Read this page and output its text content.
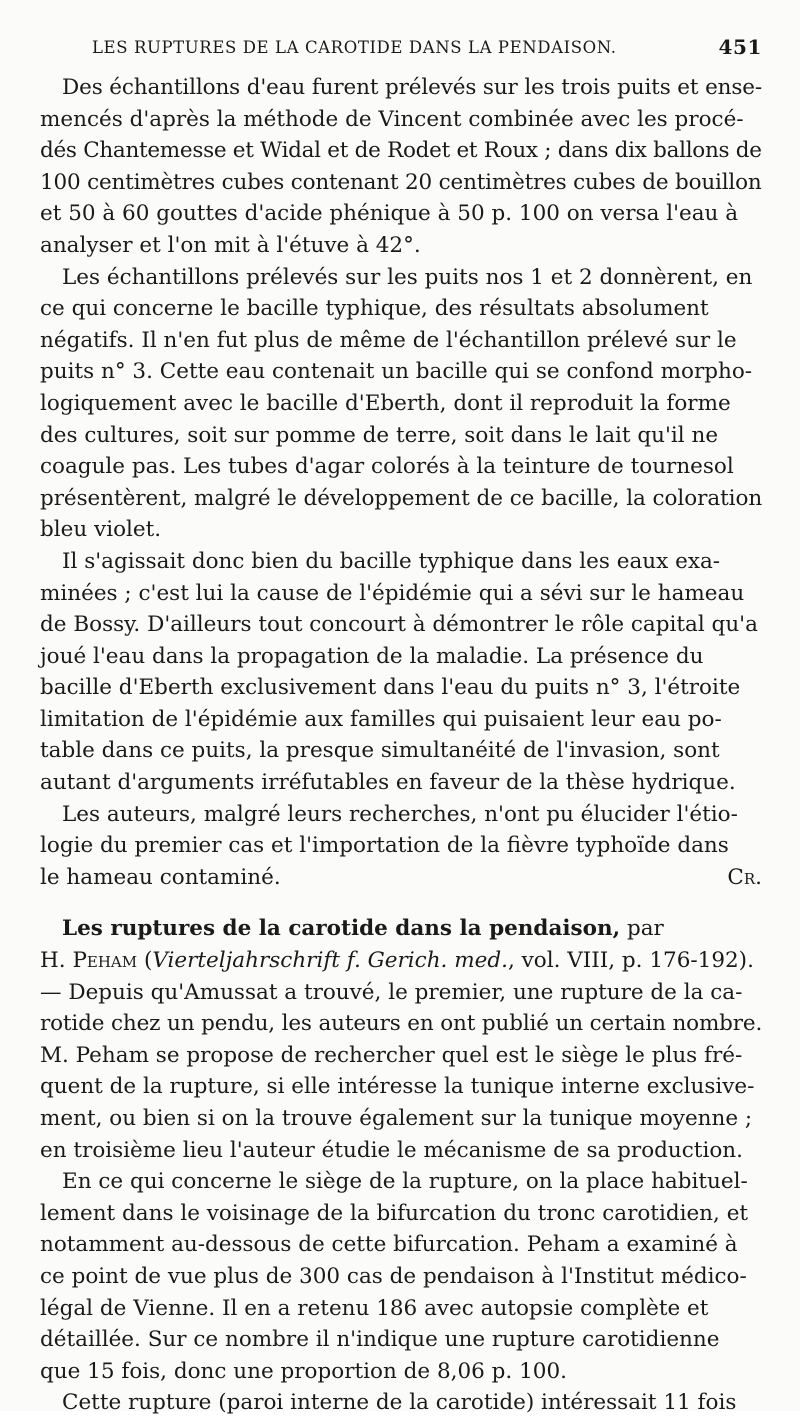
LES RUPTURES DE LA CAROTIDE DANS LA PENDAISON.	451

Des échantillons d'eau furent prélevés sur les trois puits et ense-
mencés d'après la méthode de Vincent combinée avec les procé-
dés Chantemesse et Widal et de Rodet et Roux ; dans dix ballons de
100 centimètres cubes contenant 20 centimètres cubes de bouillon
et 50 à 60 gouttes d'acide phénique à 50 p. 100 on versa l'eau à
analyser et l'on mit à l'étuve à 42°.

Les échantillons prélevés sur les puits nos 1 et 2 donnèrent, en
ce qui concerne le bacille typhique, des résultats absolument
négatifs. Il n'en fut plus de même de l'échantillon prélevé sur le
puits n° 3. Cette eau contenait un bacille qui se confond morpho-
logiquement avec le bacille d'Eberth, dont il reproduit la forme
des cultures, soit sur pomme de terre, soit dans le lait qu'il ne
coagule pas. Les tubes d'agar colorés à la teinture de tournesol
présentèrent, malgré le développement de ce bacille, la coloration
bleu violet.

Il s'agissait donc bien du bacille typhique dans les eaux exa-
minées ; c'est lui la cause de l'épidémie qui a sévi sur le hameau
de Bossy. D'ailleurs tout concourt à démontrer le rôle capital qu'a
joué l'eau dans la propagation de la maladie. La présence du
bacille d'Eberth exclusivement dans l'eau du puits n° 3, l'étroite
limitation de l'épidémie aux familles qui puisaient leur eau po-
table dans ce puits, la presque simultanéité de l'invasion, sont
autant d'arguments irréfutables en faveur de la thèse hydrique.

Les auteurs, malgré leurs recherches, n'ont pu élucider l'étio-
logie du premier cas et l'importation de la fièvre typhoïde dans
le hameau contaminé.	Cr.

Les ruptures de la carotide dans la pendaison, par
H. Peham (Vierteljahrschrift f. Gerich. med., vol. VIII, p. 176-192).
— Depuis qu'Amussat a trouvé, le premier, une rupture de la ca-
rotide chez un pendu, les auteurs en ont publié un certain nombre.
M. Peham se propose de rechercher quel est le siège le plus fré-
quent de la rupture, si elle intéresse la tunique interne exclusive-
ment, ou bien si on la trouve également sur la tunique moyenne ;
en troisième lieu l'auteur étudie le mécanisme de sa production.

En ce qui concerne le siège de la rupture, on la place habituel-
lement dans le voisinage de la bifurcation du tronc carotidien, et
notamment au-dessous de cette bifurcation. Peham a examiné à
ce point de vue plus de 300 cas de pendaison à l'Institut médico-
légal de Vienne. Il en a retenu 186 avec autopsie complète et
détaillée. Sur ce nombre il n'indique une rupture carotidienne
que 15 fois, donc une proportion de 8,06 p. 100.

Cette rupture (paroi interne de la carotide) intéressait 11 fois
